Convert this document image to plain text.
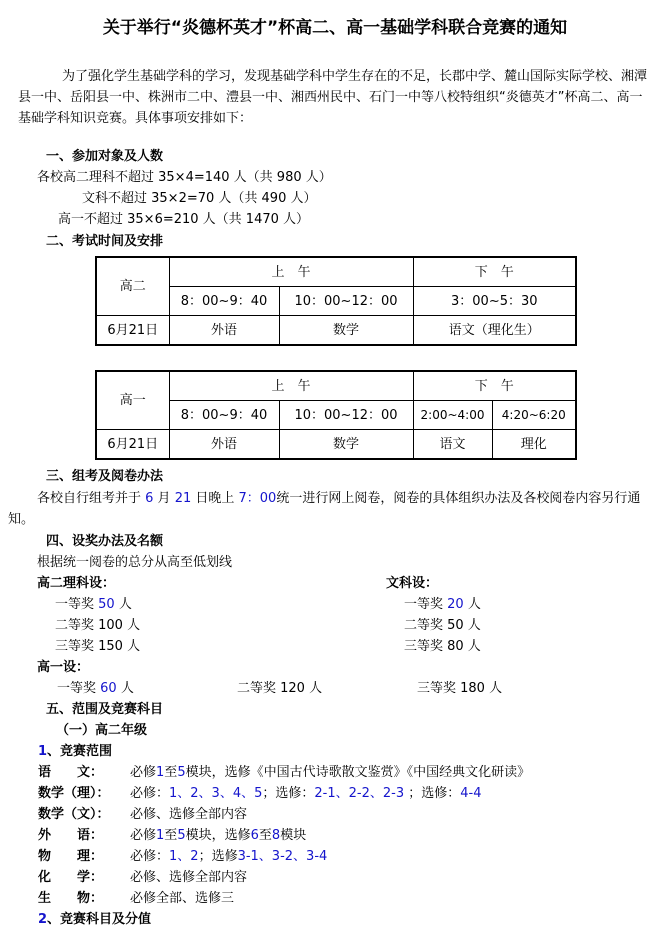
关于举行“炎德杯英才”杯高二、高一基础学科联合竞赛的通知

为了强化学生基础学科的学习，发现基础学科中学生存在的不足，长郡中学、麓山国际实际学校、湘潭县一中、岳阳县一中、株洲市二中、澧县一中、湘西州民中、石门一中等八校特组织“炎德英才”杯高二、高一基础学科知识竞赛。具体事项安排如下：

一、参加对象及人数
各校高二理科不超过 35×4=140 人（共 980 人）
文科不超过 35×2=70 人（共 490 人）
高一不超过 35×6=210 人（共 1470 人）
二、考试时间及安排
高二	上　午		下　午
	8：00~9：40	10：00~12：00	3：00~5：30
6月21日	外语	数学	语文（理化生）
高一	上　午		下　午	
	8：00~9：40	10：00~12：00	2:00~4:00	4:20~6:20
6月21日	外语	数学	语文	理化
三、组考及阅卷办法

各校自行组考并于 6 月 21 日晚上 7：00统一进行网上阅卷，阅卷的具体组织办法及各校阅卷内容另行通知。

四、设奖办法及名额
根据统一阅卷的总分从高至低划线
高二理科设：
一等奖 50 人
二等奖 100 人
三等奖 150 人
文科设：
一等奖 20 人
二等奖 50 人
三等奖 80 人
高一设：
一等奖 60 人	二等奖 120 人	三等奖 180 人
五、范围及竞赛科目
（一）高二年级
1、竞赛范围
语　　文： 必修1至5模块，选修《中国古代诗歌散文鉴赏》《中国经典文化研读》
数学（理）： 必修：1、2、3、4、5；选修：2-1、2-2、2-3 ；选修：4-4
数学（文）： 必修、选修全部内容
外　　语： 必修1至5模块，选修6至8模块
物　　理： 必修：1、2；选修3-1、3-2、3-4
化　　学： 必修、选修全部内容
生　　物： 必修全部、选修三
2、竞赛科目及分值
